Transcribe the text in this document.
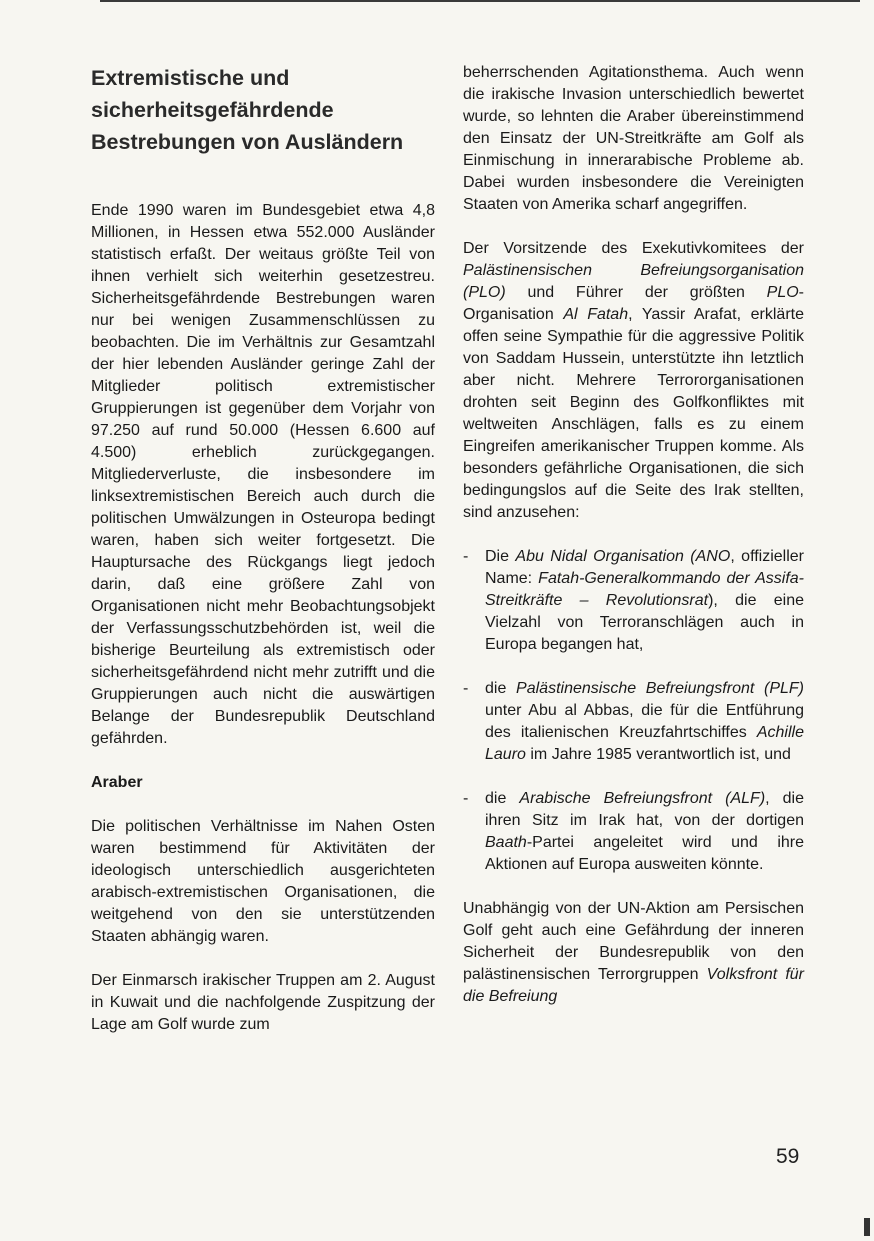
Extremistische und sicherheitsgefährdende Bestrebungen von Ausländern

Ende 1990 waren im Bundesgebiet etwa 4,8 Millionen, in Hessen etwa 552.000 Ausländer statistisch erfaßt. Der weitaus größte Teil von ihnen verhielt sich weiterhin gesetzestreu. Sicherheitsgefährdende Bestrebungen waren nur bei wenigen Zusammenschlüssen zu beobachten. Die im Verhältnis zur Gesamtzahl der hier lebenden Ausländer geringe Zahl der Mitglieder politisch extremistischer Gruppierungen ist gegenüber dem Vorjahr von 97.250 auf rund 50.000 (Hessen 6.600 auf 4.500) erheblich zurückgegangen. Mitgliederverluste, die insbesondere im linksextremistischen Bereich auch durch die politischen Umwälzungen in Osteuropa bedingt waren, haben sich weiter fortgesetzt. Die Hauptursache des Rückgangs liegt jedoch darin, daß eine größere Zahl von Organisationen nicht mehr Beobachtungsobjekt der Verfassungsschutzbehörden ist, weil die bisherige Beurteilung als extremistisch oder sicherheitsgefährdend nicht mehr zutrifft und die Gruppierungen auch nicht die auswärtigen Belange der Bundesrepublik Deutschland gefährden.

Araber

Die politischen Verhältnisse im Nahen Osten waren bestimmend für Aktivitäten der ideologisch unterschiedlich ausgerichteten arabisch-extremistischen Organisationen, die weitgehend von den sie unterstützenden Staaten abhängig waren.

Der Einmarsch irakischer Truppen am 2. August in Kuwait und die nachfolgende Zuspitzung der Lage am Golf wurde zum

beherrschenden Agitationsthema. Auch wenn die irakische Invasion unterschiedlich bewertet wurde, so lehnten die Araber übereinstimmend den Einsatz der UN-Streitkräfte am Golf als Einmischung in innerarabische Probleme ab. Dabei wurden insbesondere die Vereinigten Staaten von Amerika scharf angegriffen.

Der Vorsitzende des Exekutivkomitees der Palästinensischen Befreiungsorganisation (PLO) und Führer der größten PLO-Organisation Al Fatah, Yassir Arafat, erklärte offen seine Sympathie für die aggressive Politik von Saddam Hussein, unterstützte ihn letztlich aber nicht. Mehrere Terrororganisationen drohten seit Beginn des Golfkonfliktes mit weltweiten Anschlägen, falls es zu einem Eingreifen amerikanischer Truppen komme. Als besonders gefährliche Organisationen, die sich bedingungslos auf die Seite des Irak stellten, sind anzusehen:

- Die Abu Nidal Organisation (ANO, offizieller Name: Fatah-Generalkommando der Assifa-Streitkräfte – Revolutionsrat), die eine Vielzahl von Terroranschlägen auch in Europa begangen hat,
- die Palästinensische Befreiungsfront (PLF) unter Abu al Abbas, die für die Entführung des italienischen Kreuzfahrtschiffes Achille Lauro im Jahre 1985 verantwortlich ist, und
- die Arabische Befreiungsfront (ALF), die ihren Sitz im Irak hat, von der dortigen Baath-Partei angeleitet wird und ihre Aktionen auf Europa ausweiten könnte.

Unabhängig von der UN-Aktion am Persischen Golf geht auch eine Gefährdung der inneren Sicherheit der Bundesrepublik von den palästinensischen Terrorgruppen Volksfront für die Befreiung

59
